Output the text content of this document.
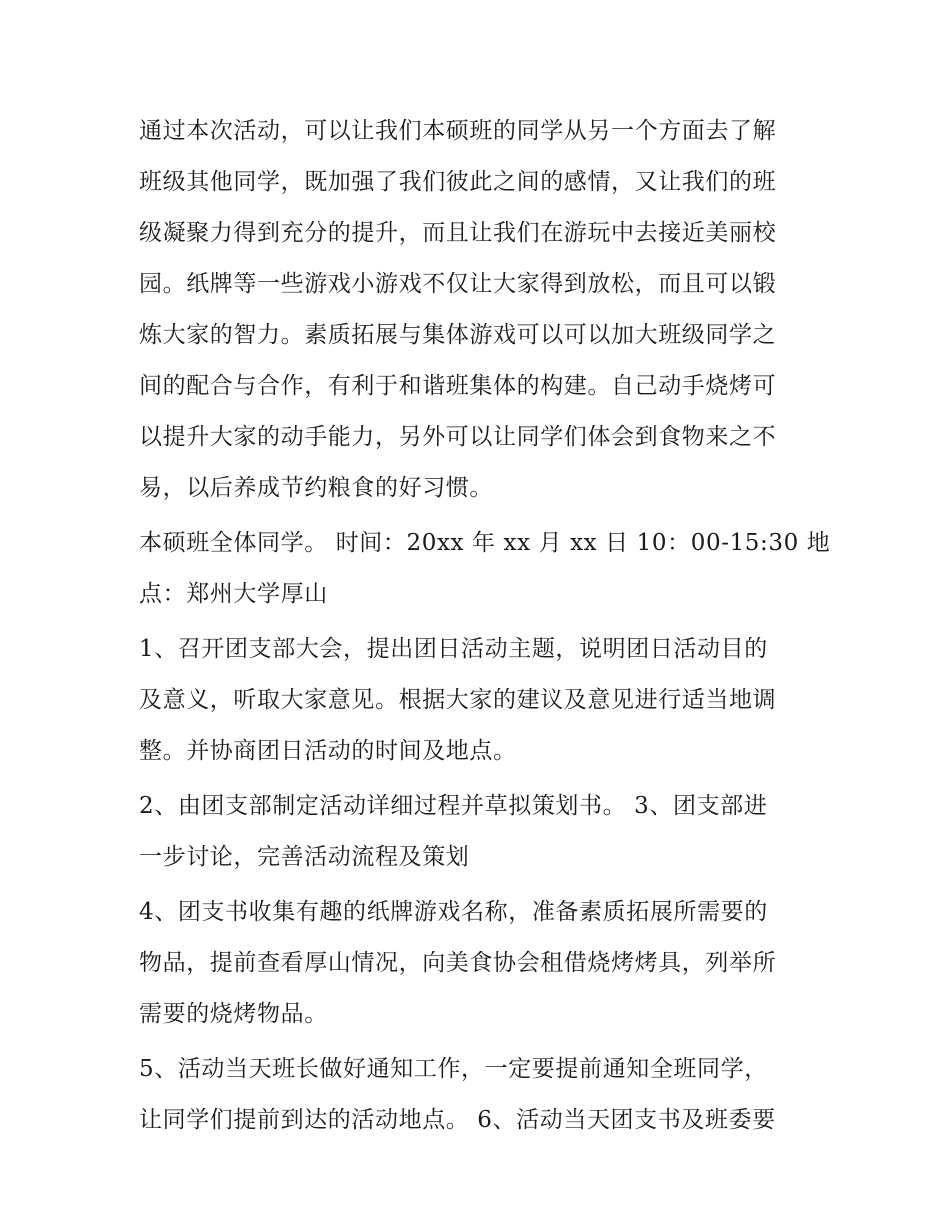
通过本次活动，可以让我们本硕班的同学从另一个方面去了解
班级其他同学，既加强了我们彼此之间的感情，又让我们的班
级凝聚力得到充分的提升，而且让我们在游玩中去接近美丽校
园。纸牌等一些游戏小游戏不仅让大家得到放松，而且可以锻
炼大家的智力。素质拓展与集体游戏可以可以加大班级同学之
间的配合与合作，有利于和谐班集体的构建。自己动手烧烤可
以提升大家的动手能力，另外可以让同学们体会到食物来之不
易，以后养成节约粮食的好习惯。
本硕班全体同学。 时间：20xx 年 xx 月 xx 日 10：00-15:30 地
点：郑州大学厚山
1、召开团支部大会，提出团日活动主题，说明团日活动目的
及意义，听取大家意见。根据大家的建议及意见进行适当地调
整。并协商团日活动的时间及地点。
2、由团支部制定活动详细过程并草拟策划书。 3、团支部进
一步讨论，完善活动流程及策划
4、团支书收集有趣的纸牌游戏名称，准备素质拓展所需要的
物品，提前查看厚山情况，向美食协会租借烧烤烤具，列举所
需要的烧烤物品。
5、活动当天班长做好通知工作，一定要提前通知全班同学，
让同学们提前到达的活动地点。 6、活动当天团支书及班委要
